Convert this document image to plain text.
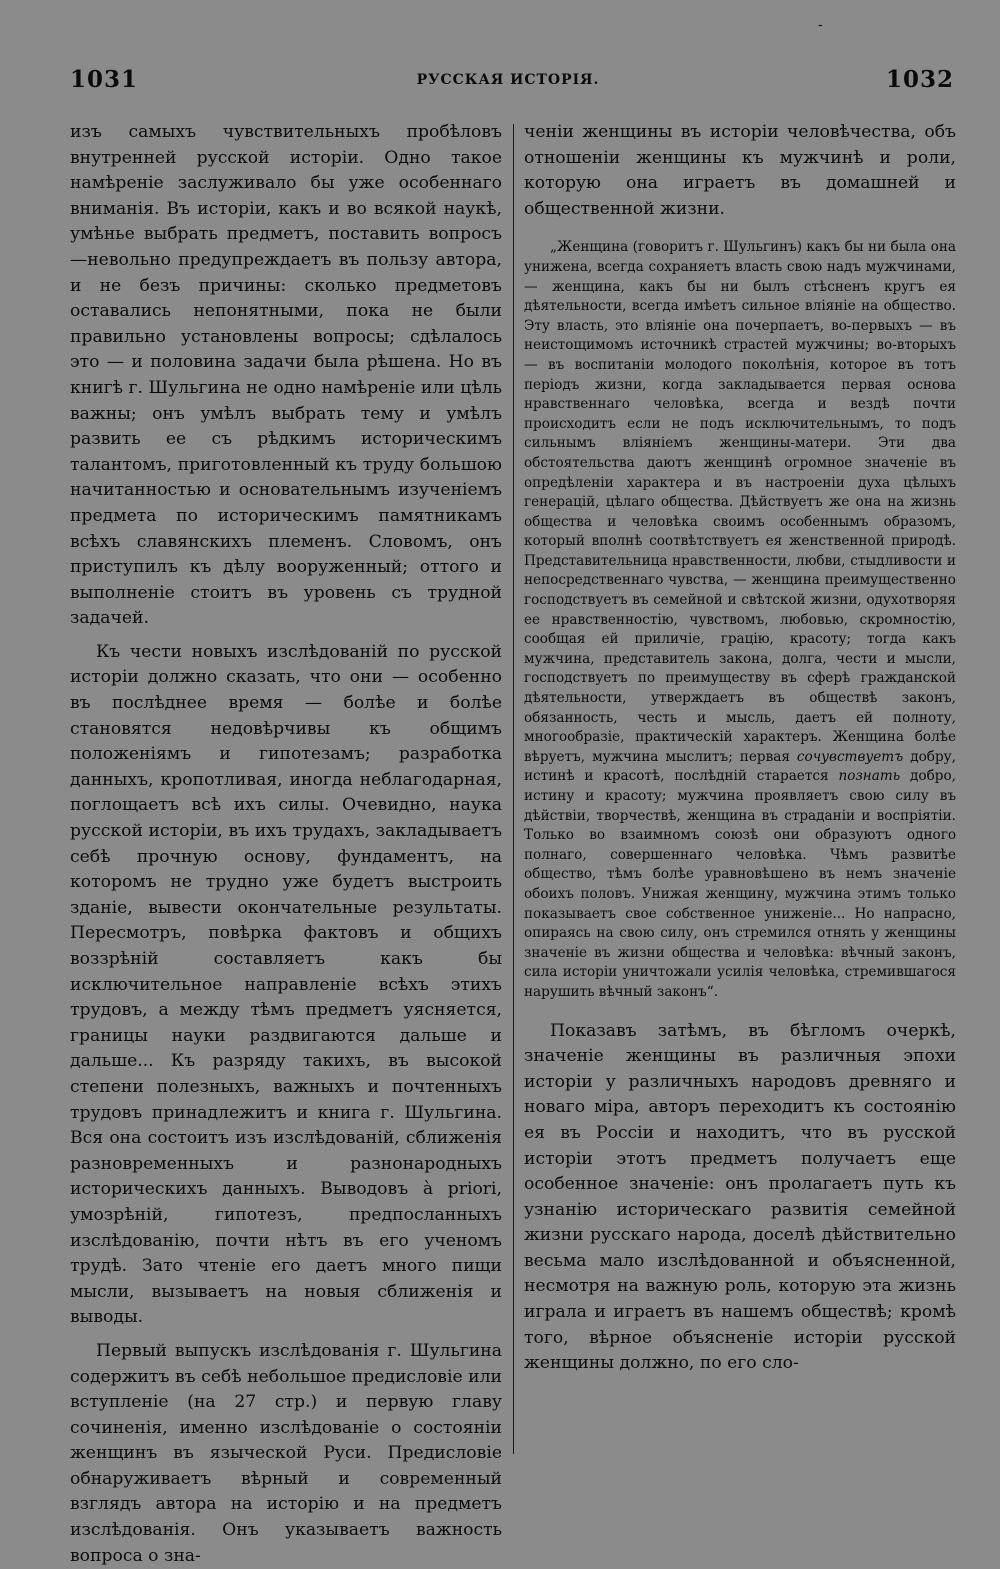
-
1031	РУССКАЯ ИСТОРІЯ.	1032

изъ самыхъ чувствительныхъ пробѣловъ внутренней русской исторіи. Одно такое намѣреніе заслуживало бы уже особеннаго вниманія. Въ исторіи, какъ и во всякой наукѣ, умѣнье выбрать предметъ, поставить вопросъ —невольно предупреждаетъ въ пользу автора, и не безъ причины: сколько предметовъ оставались непонятными, пока не были правильно установлены вопросы; сдѣлалось это — и половина задачи была рѣшена. Но въ книгѣ г. Шульгина не одно намѣреніе или цѣль важны; онъ умѣлъ выбрать тему и умѣлъ развить ее съ рѣдкимъ историческимъ талантомъ, приготовленный къ труду большою начитанностью и основательнымъ изученіемъ предмета по историческимъ памятникамъ всѣхъ славянскихъ племенъ. Словомъ, онъ приступилъ къ дѣлу вооруженный; оттого и выполненіе стоитъ въ уровень съ трудной задачей.

Къ чести новыхъ изслѣдованій по русской исторіи должно сказать, что они — особенно въ послѣднее время — болѣе и болѣе становятся недовѣрчивы къ общимъ положеніямъ и гипотезамъ; разработка данныхъ, кропотливая, иногда неблагодарная, поглощаетъ всѣ ихъ силы. Очевидно, наука русской исторіи, въ ихъ трудахъ, закладываетъ себѣ прочную основу, фундаментъ, на которомъ не трудно уже будетъ выстроить зданіе, вывести окончательные результаты. Пересмотръ, повѣрка фактовъ и общихъ воззрѣній составляетъ какъ бы исключительное направленіе всѣхъ этихъ трудовъ, а между тѣмъ предметъ уясняется, границы науки раздвигаются дальше и дальше... Къ разряду такихъ, въ высокой степени полезныхъ, важныхъ и почтенныхъ трудовъ принадлежитъ и книга г. Шульгина. Вся она состоитъ изъ изслѣдованій, сближенія разновременныхъ и разнонародныхъ историческихъ данныхъ. Выводовъ à priori, умозрѣній, гипотезъ, предпосланныхъ изслѣдованію, почти нѣтъ въ его ученомъ трудѣ. Зато чтеніе его даетъ много пищи мысли, вызываетъ на новыя сближенія и выводы.

Первый выпускъ изслѣдованія г. Шульгина содержитъ въ себѣ небольшое предисловіе или вступленіе (на 27 стр.) и первую главу сочиненія, именно изслѣдованіе о состояніи женщинъ въ языческой Руси. Предисловіе обнаруживаетъ вѣрный и современный взглядъ автора на исторію и на предметъ изслѣдованія. Онъ указываетъ важность вопроса о зна-

ченіи женщины въ исторіи человѣчества, объ отношеніи женщины къ мужчинѣ и роли, которую она играетъ въ домашней и общественной жизни.

„Женщина (говоритъ г. Шульгинъ) какъ бы ни была она унижена, всегда сохраняетъ власть свою надъ мужчинами, — женщина, какъ бы ни былъ стѣсненъ кругъ ея дѣятельности, всегда имѣетъ сильное вліяніе на общество. Эту власть, это вліяніе она почерпаетъ, во-первыхъ — въ неистощимомъ источникѣ страстей мужчины; во-вторыхъ — въ воспитаніи молодого поколѣнія, которое въ тотъ періодъ жизни, когда закладывается первая основа нравственнаго человѣка, всегда и вездѣ почти происходитъ если не подъ исключительнымъ, то подъ сильнымъ вліяніемъ женщины-матери. Эти два обстоятельства даютъ женщинѣ огромное значеніе въ опредѣленіи характера и въ настроеніи духа цѣлыхъ генерацій, цѣлаго общества. Дѣйствуетъ же она на жизнь общества и человѣка своимъ особеннымъ образомъ, который вполнѣ соотвѣтствуетъ ея женственной природѣ. Представительница нравственности, любви, стыдливости и непосредственнаго чувства, — женщина преимущественно господствуетъ въ семейной и свѣтской жизни, одухотворяя ее нравственностію, чувствомъ, любовью, скромностію, сообщая ей приличіе, грацію, красоту; тогда какъ мужчина, представитель закона, долга, чести и мысли, господствуетъ по преимуществу въ сферѣ гражданской дѣятельности, утверждаетъ въ обществѣ законъ, обязанность, честь и мысль, даетъ ей полноту, многообразіе, практическій характеръ. Женщина болѣе вѣруетъ, мужчина мыслитъ; первая сочувствуетъ добру, истинѣ и красотѣ, послѣдній старается познать добро, истину и красоту; мужчина проявляетъ свою силу въ дѣйствіи, творчествѣ, женщина въ страданіи и воспріятіи. Только во взаимномъ союзѣ они образуютъ одного полнаго, совершеннаго человѣка. Чѣмъ развитѣе общество, тѣмъ болѣе уравновѣшено въ немъ значеніе обоихъ половъ. Унижая женщину, мужчина этимъ только показываетъ свое собственное униженіе... Но напрасно, опираясь на свою силу, онъ стремился отнять у женщины значеніе въ жизни общества и человѣка: вѣчный законъ, сила исторіи уничтожали усилія человѣка, стремившагося нарушить вѣчный законъ“.

Показавъ затѣмъ, въ бѣгломъ очеркѣ, значеніе женщины въ различныя эпохи исторіи у различныхъ народовъ древняго и новаго міра, авторъ переходитъ къ состоянію ея въ Россіи и находитъ, что въ русской исторіи этотъ предметъ получаетъ еще особенное значеніе: онъ пролагаетъ путь къ узнанію историческаго развитія семейной жизни русскаго народа, доселѣ дѣйствительно весьма мало изслѣдованной и объясненной, несмотря на важную роль, которую эта жизнь играла и играетъ въ нашемъ обществѣ; кромѣ того, вѣрное объясненіе исторіи русской женщины должно, по его сло-
